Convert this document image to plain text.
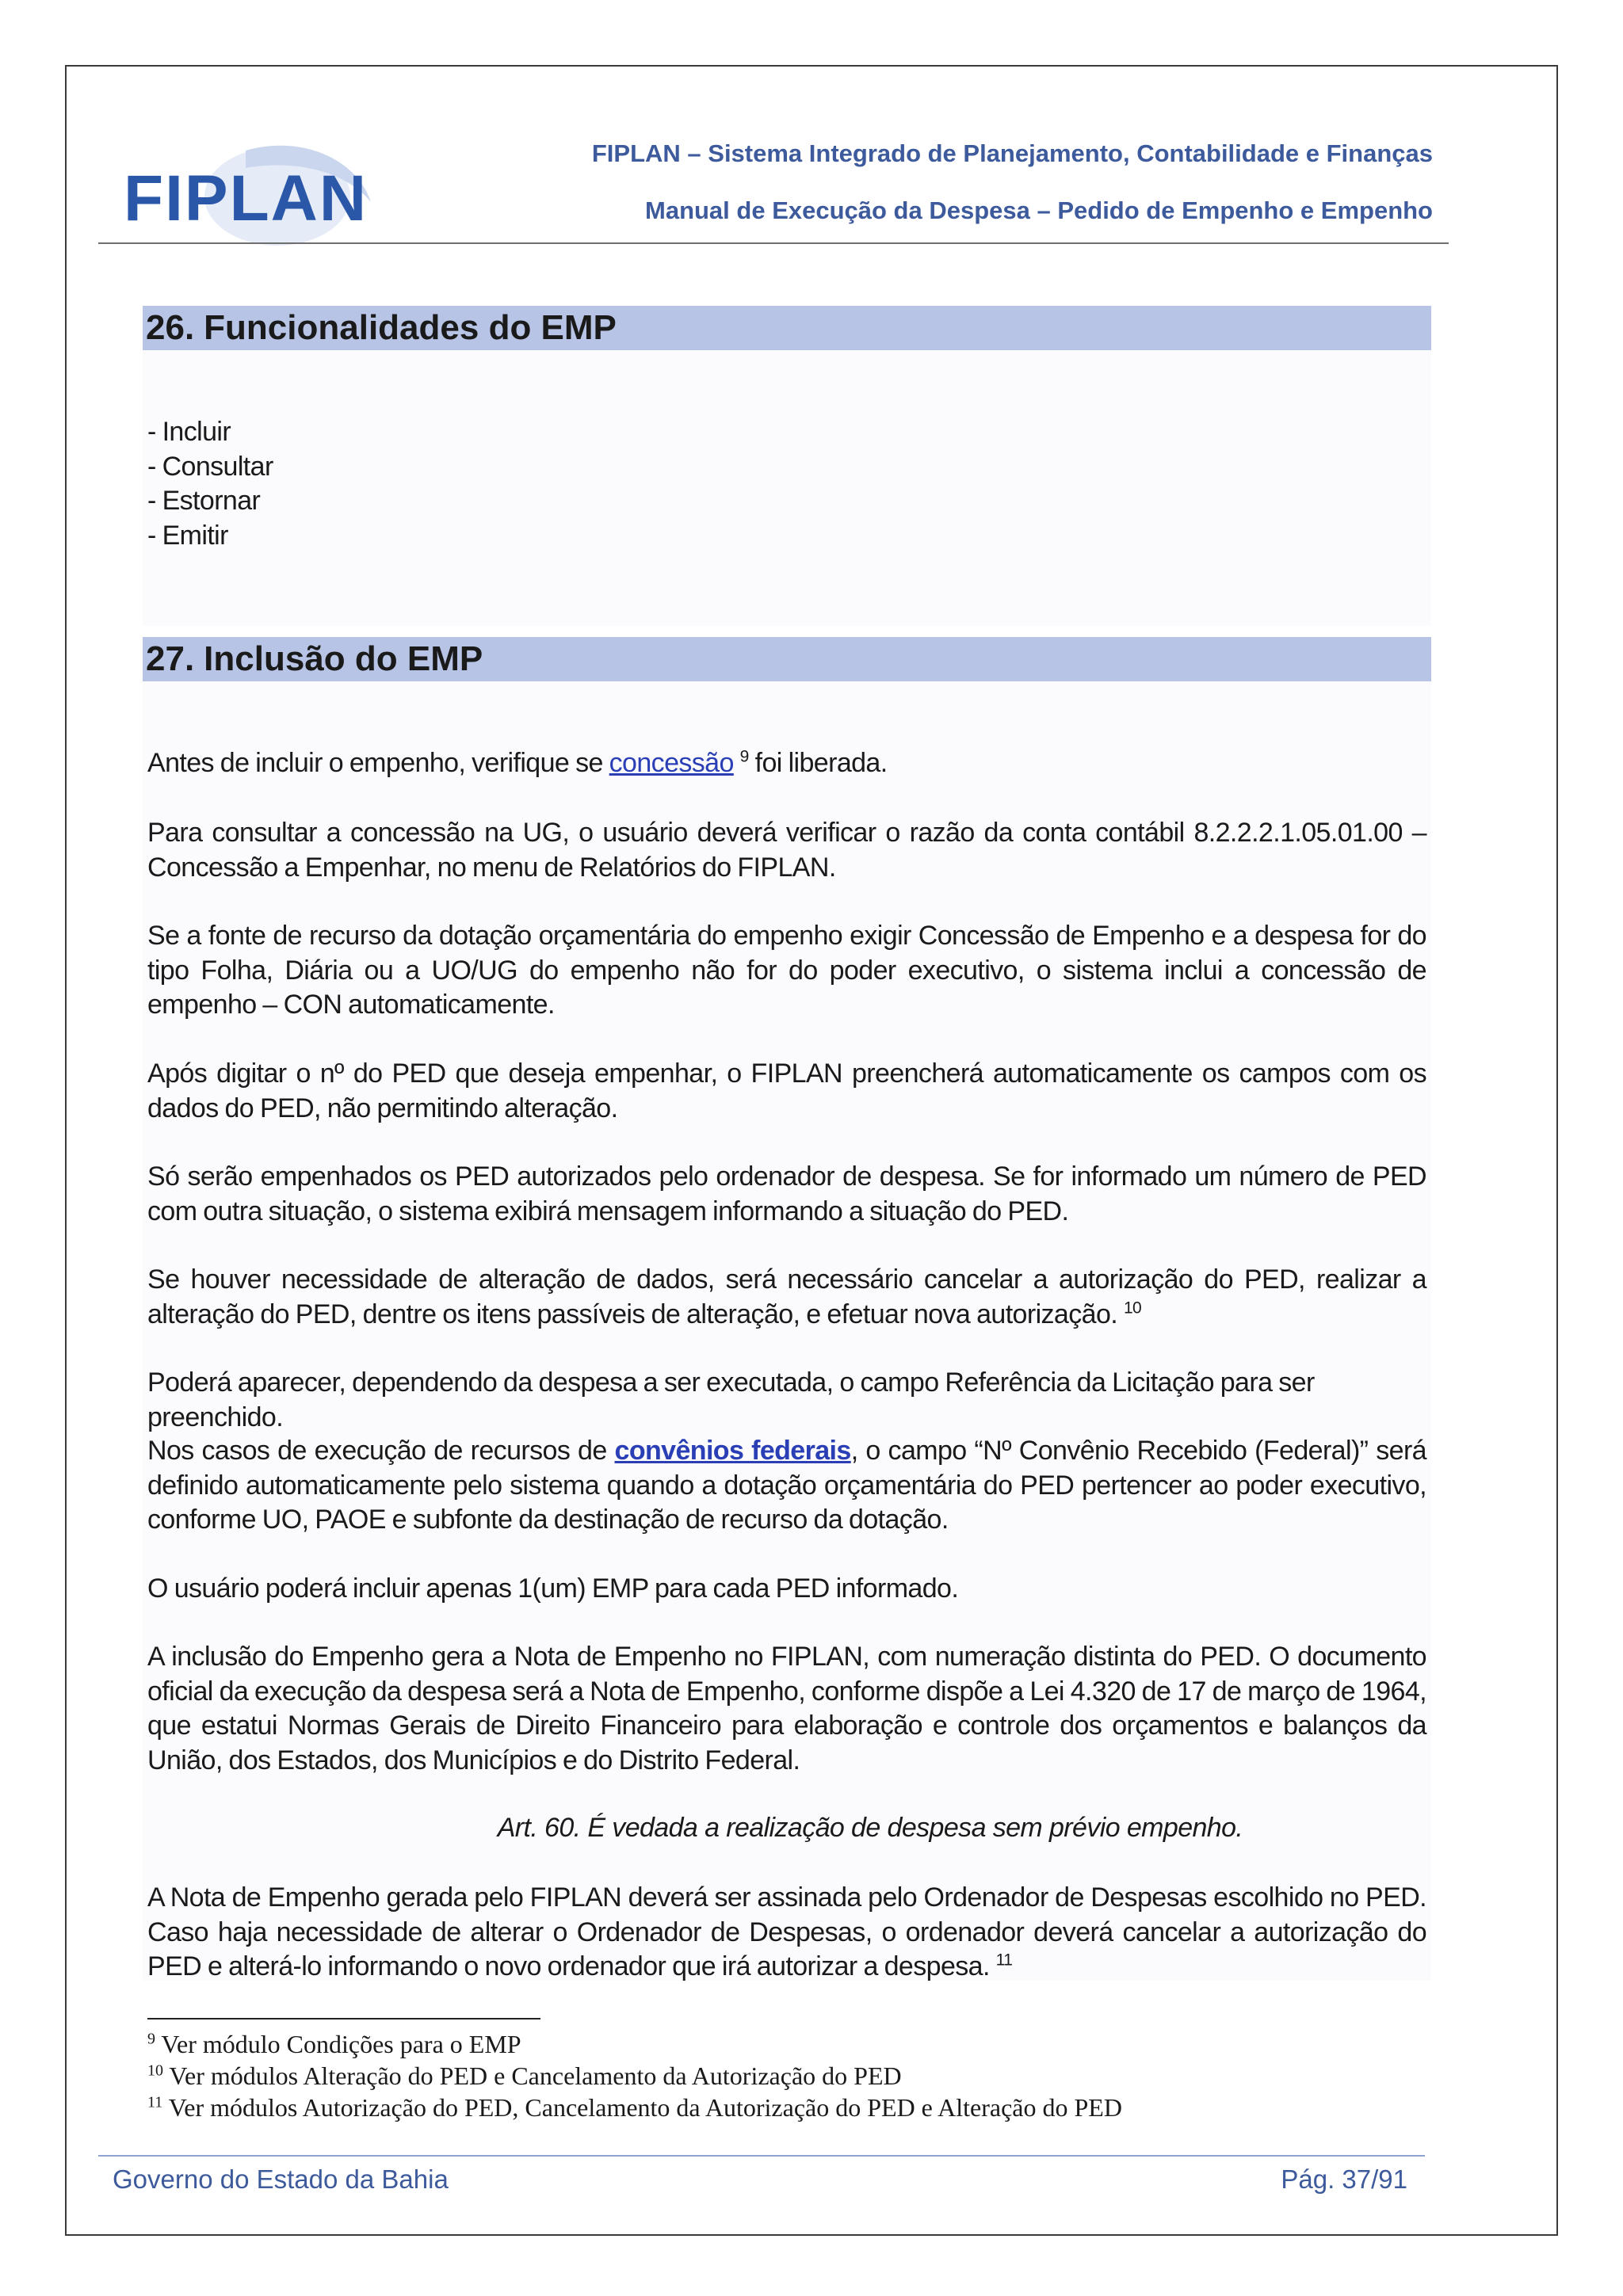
FIPLAN
FIPLAN – Sistema Integrado de Planejamento, Contabilidade e Finanças
Manual de Execução da Despesa – Pedido de Empenho e Empenho
26. Funcionalidades do EMP
- Incluir
- Consultar
- Estornar
- Emitir
27. Inclusão do EMP
Antes de incluir o empenho, verifique se concessão $^9$ foi liberada.
Para consultar a concessão na UG, o usuário deverá verificar o razão da conta contábil 8.2.2.2.1.05.01.00 – Concessão a Empenhar, no menu de Relatórios do FIPLAN.
Se a fonte de recurso da dotação orçamentária do empenho exigir Concessão de Empenho e a despesa for do tipo Folha, Diária ou a UO/UG do empenho não for do poder executivo, o sistema inclui a concessão de empenho – CON automaticamente.
Após digitar o nº do PED que deseja empenhar, o FIPLAN preencherá automaticamente os campos com os dados do PED, não permitindo alteração.
Só serão empenhados os PED autorizados pelo ordenador de despesa. Se for informado um número de PED com outra situação, o sistema exibirá mensagem informando a situação do PED.
Se houver necessidade de alteração de dados, será necessário cancelar a autorização do PED, realizar a alteração do PED, dentre os itens passíveis de alteração, e efetuar nova autorização. $^{10}$
Poderá aparecer, dependendo da despesa a ser executada, o campo Referência da Licitação para ser preenchido.
Nos casos de execução de recursos de convênios federais, o campo “Nº Convênio Recebido (Federal)” será definido automaticamente pelo sistema quando a dotação orçamentária do PED pertencer ao poder executivo, conforme UO, PAOE e subfonte da destinação de recurso da dotação.
O usuário poderá incluir apenas 1(um) EMP para cada PED informado.
A inclusão do Empenho gera a Nota de Empenho no FIPLAN, com numeração distinta do PED. O documento oficial da execução da despesa será a Nota de Empenho, conforme dispõe a Lei 4.320 de 17 de março de 1964, que estatui Normas Gerais de Direito Financeiro para elaboração e controle dos orçamentos e balanços da União, dos Estados, dos Municípios e do Distrito Federal.
Art. 60. É vedada a realização de despesa sem prévio empenho.
A Nota de Empenho gerada pelo FIPLAN deverá ser assinada pelo Ordenador de Despesas escolhido no PED. Caso haja necessidade de alterar o Ordenador de Despesas, o ordenador deverá cancelar a autorização do PED e alterá-lo informando o novo ordenador que irá autorizar a despesa. $^{11}$
$^9$ Ver módulo Condições para o EMP
$^{10}$ Ver módulos Alteração do PED e Cancelamento da Autorização do PED
$^{11}$ Ver módulos Autorização do PED, Cancelamento da Autorização do PED e Alteração do PED
Governo do Estado da Bahia	Pág. 37/91
